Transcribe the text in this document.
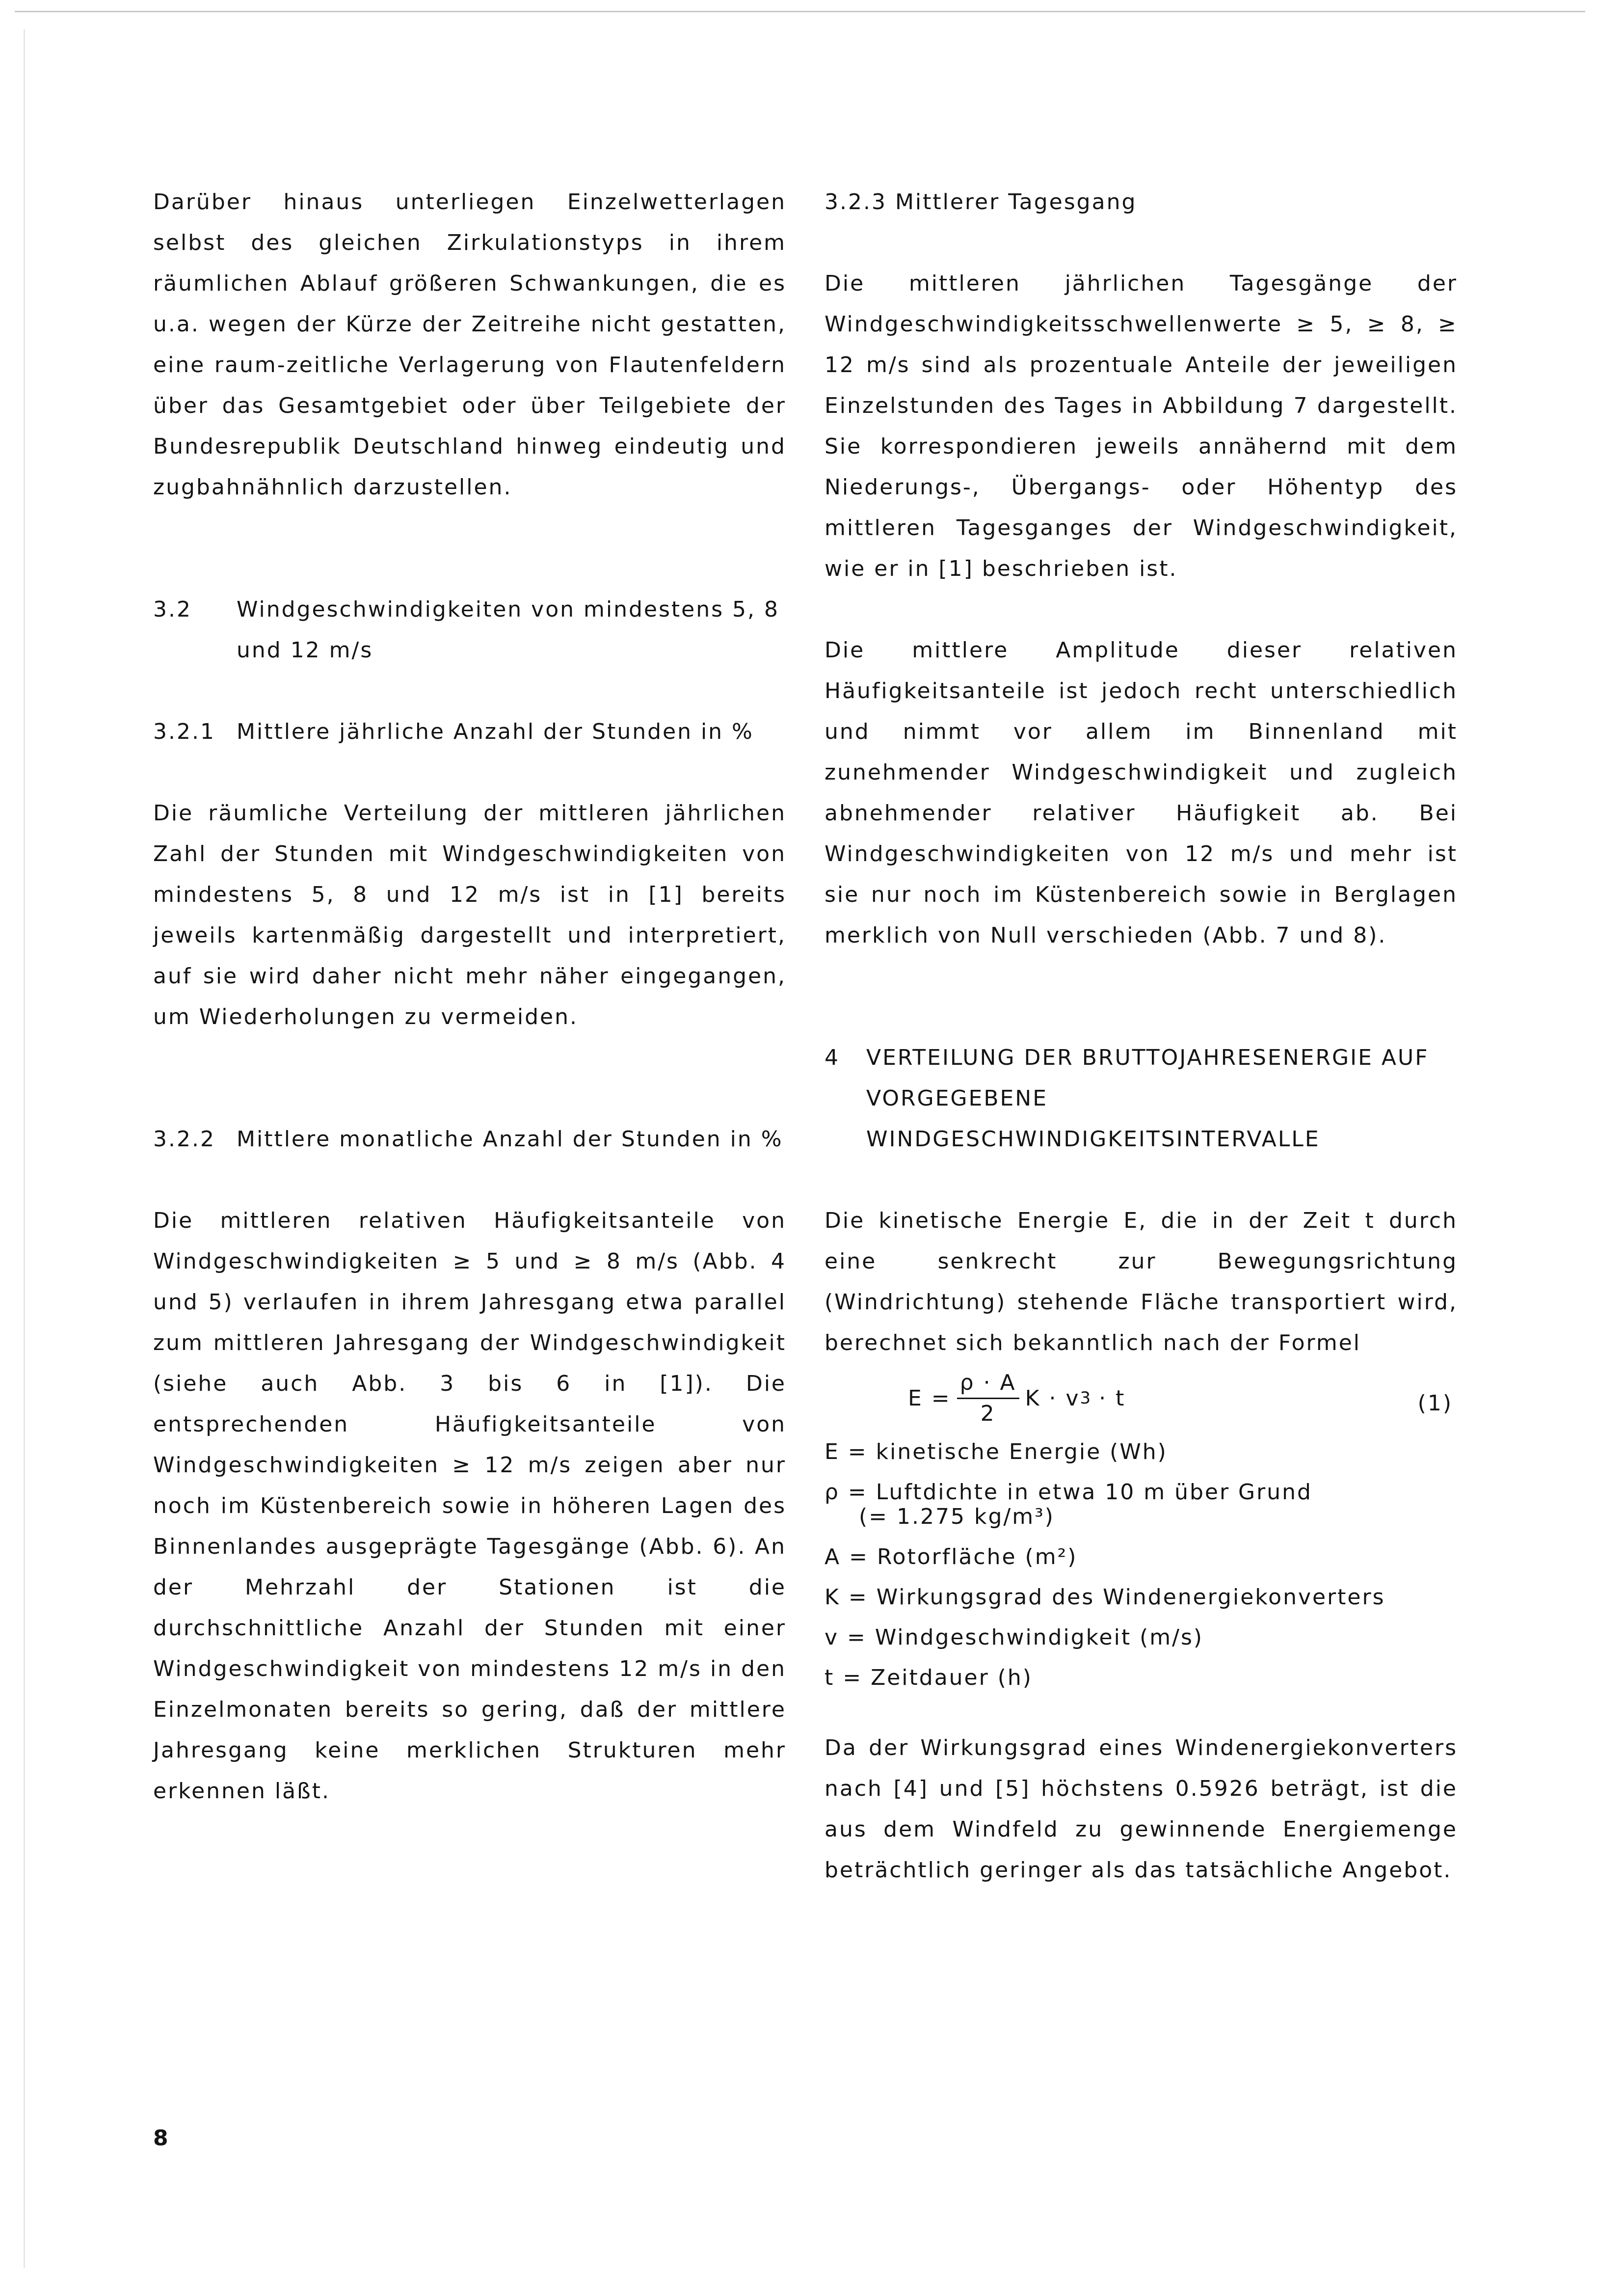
Darüber hinaus unterliegen Einzelwetterlagen selbst des gleichen Zirkulationstyps in ihrem räumlichen Ablauf größeren Schwankungen, die es u.a. wegen der Kürze der Zeitreihe nicht gestatten, eine raum-zeitliche Verlagerung von Flautenfeldern über das Gesamtgebiet oder über Teilgebiete der Bundesrepublik Deutschland hinweg eindeutig und zugbahnähnlich darzustellen.

3.2	Windgeschwindigkeiten von mindestens 5, 8 und 12 m/s
3.2.1 Mittlere jährliche Anzahl der Stunden in %

Die räumliche Verteilung der mittleren jährlichen Zahl der Stunden mit Windgeschwindigkeiten von mindestens 5, 8 und 12 m/s ist in [1] bereits jeweils kartenmäßig dargestellt und interpretiert, auf sie wird daher nicht mehr näher eingegangen, um Wiederholungen zu vermeiden.

3.2.2 Mittlere monatliche Anzahl der Stunden in %

Die mittleren relativen Häufigkeitsanteile von Windgeschwindigkeiten ≥ 5 und ≥ 8 m/s (Abb. 4 und 5) verlaufen in ihrem Jahresgang etwa parallel zum mittleren Jahresgang der Windgeschwindigkeit (siehe auch Abb. 3 bis 6 in [1]). Die entsprechenden Häufigkeitsanteile von Windgeschwindigkeiten ≥ 12 m/s zeigen aber nur noch im Küstenbereich sowie in höheren Lagen des Binnenlandes ausgeprägte Tagesgänge (Abb. 6). An der Mehrzahl der Stationen ist die durchschnittliche Anzahl der Stunden mit einer Windgeschwindigkeit von mindestens 12 m/s in den Einzelmonaten bereits so gering, daß der mittlere Jahresgang keine merklichen Strukturen mehr erkennen läßt.

3.2.3 Mittlerer Tagesgang

Die mittleren jährlichen Tagesgänge der Windgeschwindigkeitsschwellenwerte ≥ 5, ≥ 8, ≥ 12 m/s sind als prozentuale Anteile der jeweiligen Einzelstunden des Tages in Abbildung 7 dargestellt. Sie korrespondieren jeweils annähernd mit dem Niederungs-, Übergangs- oder Höhentyp des mittleren Tagesganges der Windgeschwindigkeit, wie er in [1] beschrieben ist.

Die mittlere Amplitude dieser relativen Häufigkeitsanteile ist jedoch recht unterschiedlich und nimmt vor allem im Binnenland mit zunehmender Windgeschwindigkeit und zugleich abnehmender relativer Häufigkeit ab. Bei Windgeschwindigkeiten von 12 m/s und mehr ist sie nur noch im Küstenbereich sowie in Berglagen merklich von Null verschieden (Abb. 7 und 8).

4	VERTEILUNG DER BRUTTOJAHRESENERGIE AUF VORGEGEBENE WINDGESCHWINDIGKEITSINTERVALLE

Die kinetische Energie E, die in der Zeit t durch eine senkrecht zur Bewegungsrichtung (Windrichtung) stehende Fläche transportiert wird, berechnet sich bekanntlich nach der Formel

$E = \frac{\rho \cdot A}{2}$ K · v 3 · t	(1)

E = kinetische Energie (Wh)

ρ = Luftdichte in etwa 10 m über Grund

(= 1.275 kg/m³)

A = Rotorfläche (m²)

K = Wirkungsgrad des Windenergiekonverters

v = Windgeschwindigkeit (m/s)

t = Zeitdauer (h)

Da der Wirkungsgrad eines Windenergiekonverters nach [4] und [5] höchstens 0.5926 beträgt, ist die aus dem Windfeld zu gewinnende Energiemenge beträchtlich geringer als das tatsächliche Angebot.

8
